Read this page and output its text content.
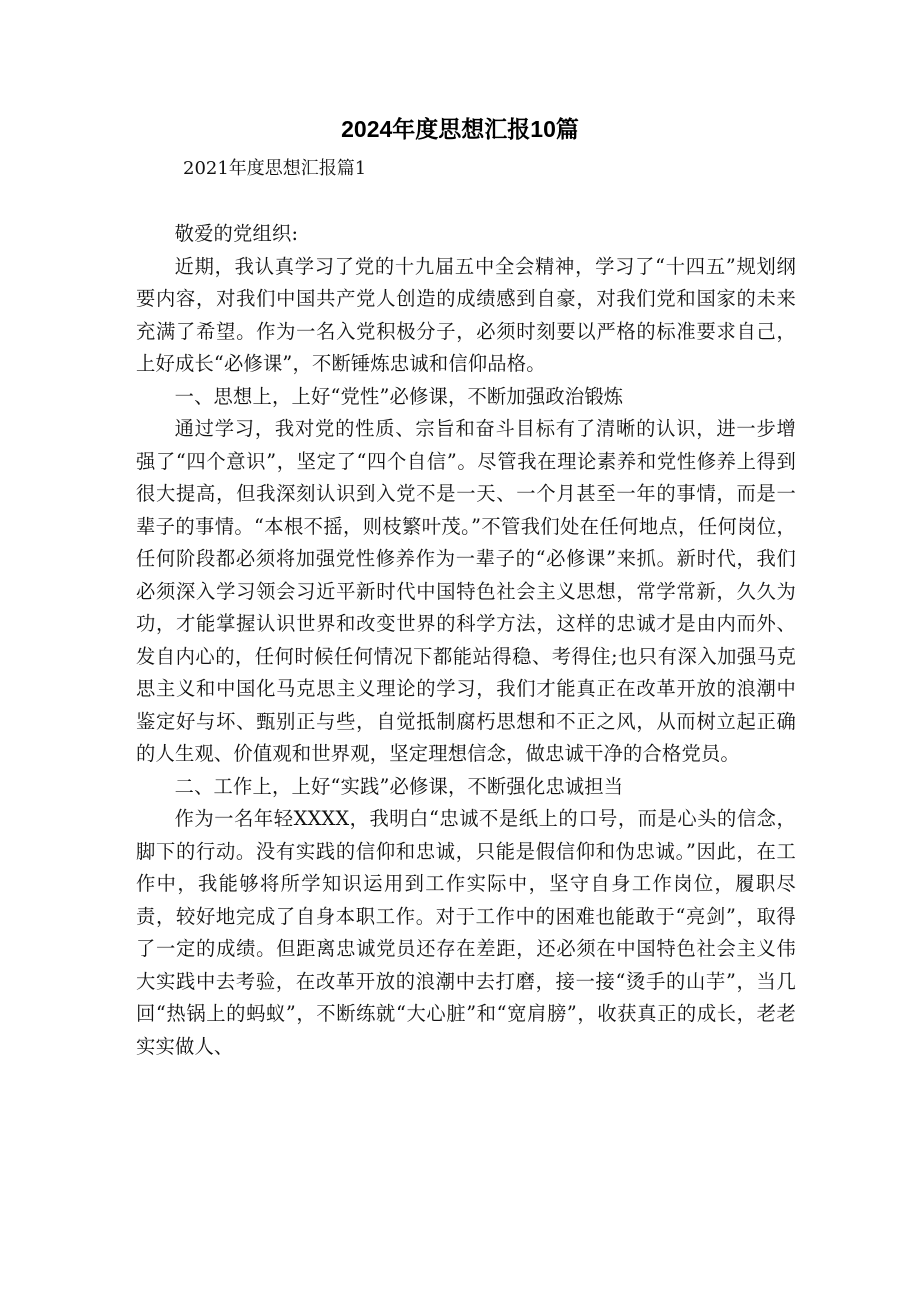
2024年度思想汇报10篇

2021年度思想汇报篇1

敬爱的党组织:

近期，我认真学习了党的十九届五中全会精神，学习了“十四五”规划纲要内容，对我们中国共产党人创造的成绩感到自豪，对我们党和国家的未来充满了希望。作为一名入党积极分子，必须时刻要以严格的标准要求自己，上好成长“必修课”，不断锤炼忠诚和信仰品格。

一、思想上，上好“党性”必修课，不断加强政治锻炼

通过学习，我对党的性质、宗旨和奋斗目标有了清晰的认识，进一步增强了“四个意识”，坚定了“四个自信”。尽管我在理论素养和党性修养上得到很大提高，但我深刻认识到入党不是一天、一个月甚至一年的事情，而是一辈子的事情。“本根不摇，则枝繁叶茂。”不管我们处在任何地点，任何岗位，任何阶段都必须将加强党性修养作为一辈子的“必修课”来抓。新时代，我们必须深入学习领会习近平新时代中国特色社会主义思想，常学常新，久久为功，才能掌握认识世界和改变世界的科学方法，这样的忠诚才是由内而外、发自内心的，任何时候任何情况下都能站得稳、考得住;也只有深入加强马克思主义和中国化马克思主义理论的学习，我们才能真正在改革开放的浪潮中鉴定好与坏、甄别正与些，自觉抵制腐朽思想和不正之风，从而树立起正确的人生观、价值观和世界观，坚定理想信念，做忠诚干净的合格党员。

二、工作上，上好“实践”必修课，不断强化忠诚担当

作为一名年轻XXXX，我明白“忠诚不是纸上的口号，而是心头的信念，脚下的行动。没有实践的信仰和忠诚，只能是假信仰和伪忠诚。”因此，在工作中，我能够将所学知识运用到工作实际中，坚守自身工作岗位，履职尽责，较好地完成了自身本职工作。对于工作中的困难也能敢于“亮剑”，取得了一定的成绩。但距离忠诚党员还存在差距，还必须在中国特色社会主义伟大实践中去考验，在改革开放的浪潮中去打磨，接一接“烫手的山芋”，当几回“热锅上的蚂蚁”，不断练就“大心脏”和“宽肩膀”，收获真正的成长，老老实实做人、
